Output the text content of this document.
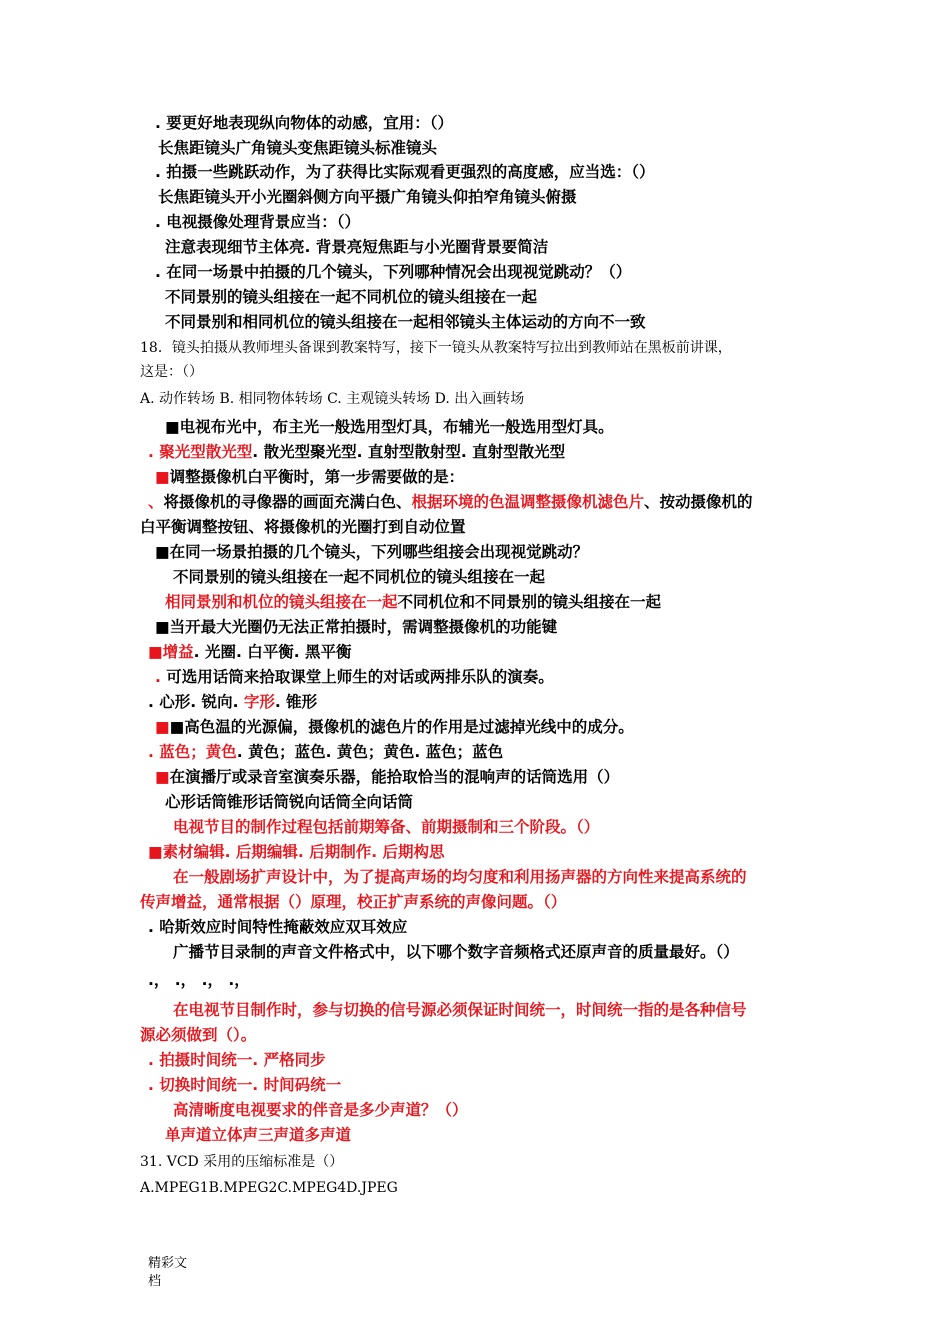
. 要更好地表现纵向物体的动感，宜用：（）
长焦距镜头广角镜头变焦距镜头标准镜头
. 拍摄一些跳跃动作，为了获得比实际观看更强烈的高度感，应当选：（）
长焦距镜头开小光圈斜侧方向平摄广角镜头仰拍窄角镜头俯摄
. 电视摄像处理背景应当：（）
注意表现细节主体亮. 背景亮短焦距与小光圈背景要简洁
. 在同一场景中拍摄的几个镜头，下列哪种情况会出现视觉跳动？（）
不同景别的镜头组接在一起不同机位的镜头组接在一起
不同景别和相同机位的镜头组接在一起相邻镜头主体运动的方向不一致
18．镜头拍摄从教师埋头备课到教案特写，接下一镜头从教案特写拉出到教师站在黑板前讲课，
这是：（）
A. 动作转场 B. 相同物体转场 C. 主观镜头转场 D. 出入画转场
■电视布光中，布主光一般选用型灯具，布辅光一般选用型灯具。
. 聚光型散光型. 散光型聚光型. 直射型散射型. 直射型散光型
■调整摄像机白平衡时，第一步需要做的是：
、将摄像机的寻像器的画面充满白色、根据环境的色温调整摄像机滤色片、按动摄像机的
白平衡调整按钮、将摄像机的光圈打到自动位置
■在同一场景拍摄的几个镜头，下列哪些组接会出现视觉跳动？
不同景别的镜头组接在一起不同机位的镜头组接在一起
相同景别和机位的镜头组接在一起不同机位和不同景别的镜头组接在一起
■当开最大光圈仍无法正常拍摄时，需调整摄像机的功能键
■增益. 光圈. 白平衡. 黑平衡
. 可选用话筒来拾取课堂上师生的对话或两排乐队的演奏。
. 心形. 锐向. 字形. 锥形
■■高色温的光源偏，摄像机的滤色片的作用是过滤掉光线中的成分。
. 蓝色；黄色. 黄色；蓝色. 黄色；黄色. 蓝色；蓝色
■在演播厅或录音室演奏乐器，能拾取恰当的混响声的话筒选用（）
心形话筒锥形话筒锐向话筒全向话筒
电视节目的制作过程包括前期筹备、前期摄制和三个阶段。（）
■素材编辑. 后期编辑. 后期制作. 后期构思
在一般剧场扩声设计中，为了提高声场的均匀度和利用扬声器的方向性来提高系统的
传声增益，通常根据（）原理，校正扩声系统的声像问题。（）
. 哈斯效应时间特性掩蔽效应双耳效应
广播节目录制的声音文件格式中，以下哪个数字音频格式还原声音的质量最好。（）
.， .， .， .，
在电视节目制作时，参与切换的信号源必须保证时间统一，时间统一指的是各种信号
源必须做到（）。
. 拍摄时间统一. 严格同步
. 切换时间统一. 时间码统一
高清晰度电视要求的伴音是多少声道？（）
单声道立体声三声道多声道
31. VCD 采用的压缩标准是（）
A.MPEG1B.MPEG2C.MPEG4D.JPEG
精彩文
档
